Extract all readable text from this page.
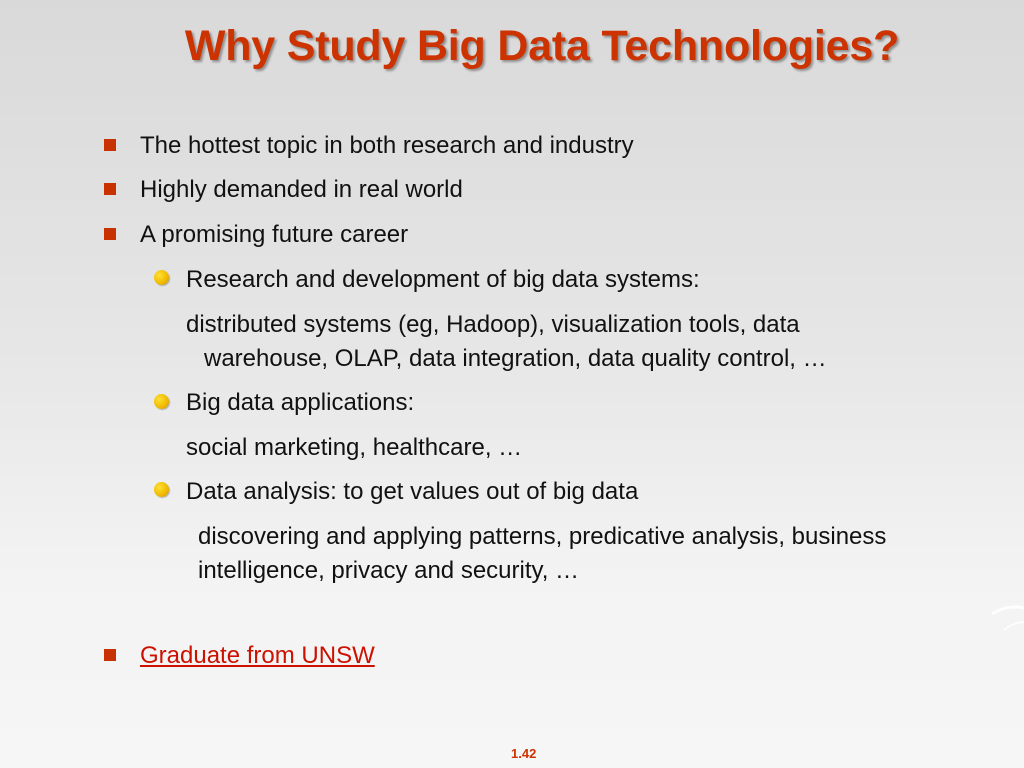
Why Study Big Data Technologies?
The hottest topic in both research and industry
Highly demanded in real world
A promising future career
Research and development of big data systems:
distributed systems (eg, Hadoop), visualization tools, data
warehouse, OLAP, data integration, data quality control, …
Big data applications:
social marketing, healthcare, …
Data analysis: to get values out of big data
discovering and applying patterns, predicative analysis, business
intelligence, privacy and security, …
Graduate from UNSW
1.42
